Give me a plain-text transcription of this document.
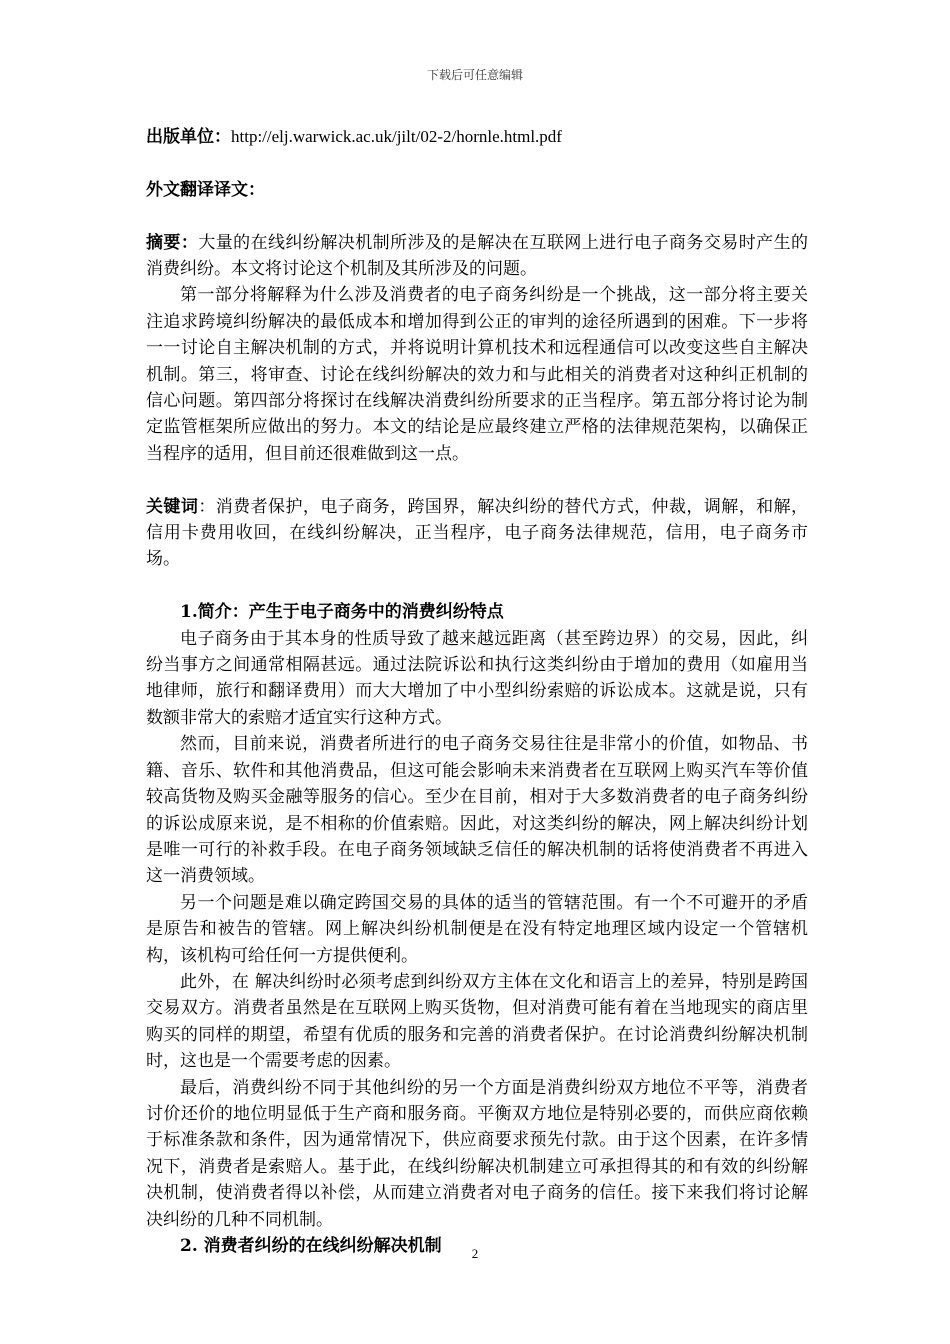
下载后可任意编辑

出版单位：http://elj.warwick.ac.uk/jilt/02-2/hornle.html.pdf

外文翻译译文：

摘要：大量的在线纠纷解决机制所涉及的是解决在互联网上进行电子商务交易时产生的消费纠纷。本文将讨论这个机制及其所涉及的问题。

第一部分将解释为什么涉及消费者的电子商务纠纷是一个挑战，这一部分将主要关注追求跨境纠纷解决的最低成本和增加得到公正的审判的途径所遇到的困难。下一步将一一讨论自主解决机制的方式，并将说明计算机技术和远程通信可以改变这些自主解决机制。第三，将审查、讨论在线纠纷解决的效力和与此相关的消费者对这种纠正机制的信心问题。第四部分将探讨在线解决消费纠纷所要求的正当程序。第五部分将讨论为制定监管框架所应做出的努力。本文的结论是应最终建立严格的法律规范架构，以确保正当程序的适用，但目前还很难做到这一点。

关键词：消费者保护，电子商务，跨国界，解决纠纷的替代方式，仲裁，调解，和解，信用卡费用收回，在线纠纷解决，正当程序，电子商务法律规范，信用，电子商务市场。

1.简介：产生于电子商务中的消费纠纷特点

电子商务由于其本身的性质导致了越来越远距离（甚至跨边界）的交易，因此，纠纷当事方之间通常相隔甚远。通过法院诉讼和执行这类纠纷由于增加的费用（如雇用当地律师，旅行和翻译费用）而大大增加了中小型纠纷索赔的诉讼成本。这就是说，只有数额非常大的索赔才适宜实行这种方式。

然而，目前来说，消费者所进行的电子商务交易往往是非常小的价值，如物品、书籍、音乐、软件和其他消费品，但这可能会影响未来消费者在互联网上购买汽车等价值较高货物及购买金融等服务的信心。至少在目前，相对于大多数消费者的电子商务纠纷的诉讼成原来说，是不相称的价值索赔。因此，对这类纠纷的解决，网上解决纠纷计划是唯一可行的补救手段。在电子商务领域缺乏信任的解决机制的话将使消费者不再进入这一消费领域。

另一个问题是难以确定跨国交易的具体的适当的管辖范围。有一个不可避开的矛盾是原告和被告的管辖。网上解决纠纷机制便是在没有特定地理区域内设定一个管辖机构，该机构可给任何一方提供便利。

此外，在 解决纠纷时必须考虑到纠纷双方主体在文化和语言上的差异，特别是跨国交易双方。消费者虽然是在互联网上购买货物，但对消费可能有着在当地现实的商店里购买的同样的期望，希望有优质的服务和完善的消费者保护。在讨论消费纠纷解决机制时，这也是一个需要考虑的因素。

最后，消费纠纷不同于其他纠纷的另一个方面是消费纠纷双方地位不平等，消费者讨价还价的地位明显低于生产商和服务商。平衡双方地位是特别必要的，而供应商依赖于标准条款和条件，因为通常情况下，供应商要求预先付款。由于这个因素，在许多情况下，消费者是索赔人。基于此，在线纠纷解决机制建立可承担得其的和有效的纠纷解决机制，使消费者得以补偿，从而建立消费者对电子商务的信任。接下来我们将讨论解决纠纷的几种不同机制。

2. 消费者纠纷的在线纠纷解决机制	2
